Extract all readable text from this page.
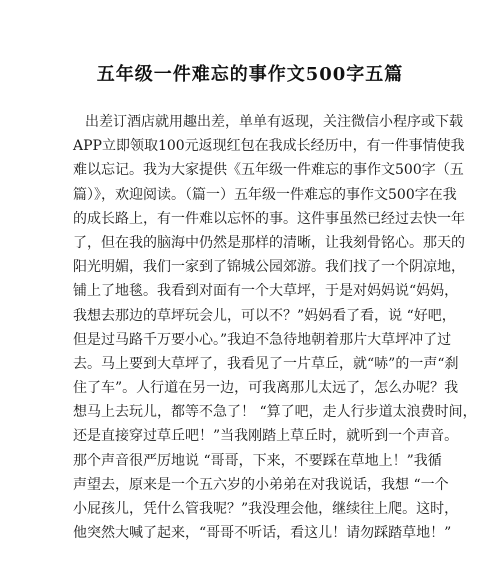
五年级一件难忘的事作文500字五篇
出差订酒店就用趣出差，单单有返现，关注微信小程序或下载
APP立即领取100元返现红包在我成长经历中，有一件事情使我
难以忘记。我为大家提供《五年级一件难忘的事作文500字（五
篇）》，欢迎阅读。（篇一）五年级一件难忘的事作文500字在我
的成长路上，有一件难以忘怀的事。这件事虽然已经过去快一年
了，但在我的脑海中仍然是那样的清晰，让我刻骨铭心。那天的
阳光明媚，我们一家到了锦城公园郊游。我们找了一个阴凉地，
铺上了地毯。我看到对面有一个大草坪，于是对妈妈说“妈妈，
我想去那边的草坪玩会儿，可以不？”妈妈看了看，说 “好吧，
但是过马路千万要小心。”我迫不急待地朝着那片大草坪冲了过
去。马上要到大草坪了，我看见了一片草丘，就“哧”的一声“刹
住了车”。人行道在另一边，可我离那儿太远了，怎么办呢？我
想马上去玩儿，都等不急了！ “算了吧，走人行步道太浪费时间，
还是直接穿过草丘吧！”当我刚踏上草丘时，就听到一个声音。
那个声音很严厉地说 “哥哥，下来，不要踩在草地上！”我循
声望去，原来是一个五六岁的小弟弟在对我说话，我想 “一个
小屁孩儿，凭什么管我呢？”我没理会他，继续往上爬。这时，
他突然大喊了起来，“哥哥不听话，看这儿！请勿踩踏草地！”
